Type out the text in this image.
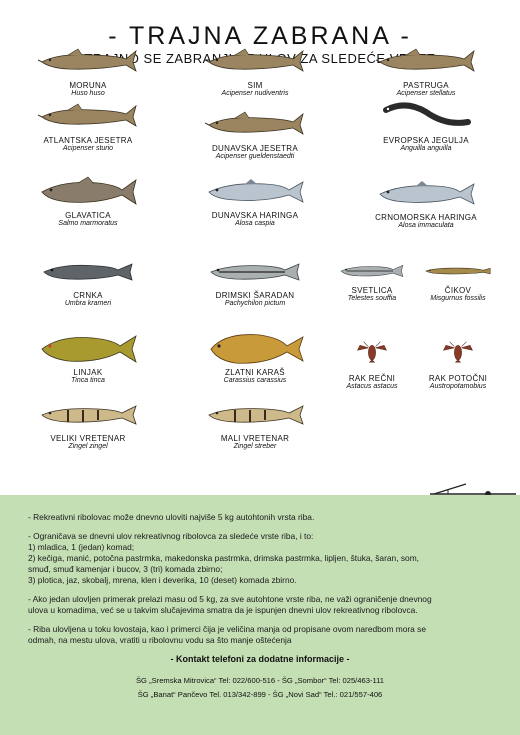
- TRAJNA ZABRANA -
SE ZABRANJUJE ZA SLEDEĆE
MORUNA
Huso huso
SIM
Acipenser nudiventris
PASTRUGA
Acipenser stellatus
ATLANTSKA JESETRA
Acipenser sturio	DUNAVSKA JESETRA
Acipenser gueldenstaedti
EVROPSKA JEGULJA
Anguilla anguilla
GLAVATICA
Salmo marmoratus
DUNAVSKA HARINGA
Alosa caspia
CRNOMORSKA HARINGA
Alosa immaculata
CRNKA
Umbra krameri
DRIMSKI ŠARADAN
Pachychilon pictum
SVETLICA
Telestes souffia
ČIKOV
Misgurnus fossilis
LINJAK
Tinca tinca
ZLATNI KARAŠ
Carassius carassius	RAK REČNI
Astacus astacus
RAK POTOČNI
Austropotamobius
VELIKI VRETENAR
Zingel zingel
MALI VRETENAR
Zingel streber

- Rekreativni ribolovac može dnevno uloviti najviše 5 kg autohtonih vrsta riba.

- Ograničava se dnevni ulov rekreativnog ribolovca za sledeće vrste riba, i to:

1) mladica, 1 (jedan) komad;

2) kečiga, manić, potočna pastrmka, makedonska pastrmka, drimska pastrmka, lipljen, štuka, šaran, som,

smuđ, smuđ kamenjar i bucov, 3 (tri) komada zbirno;

3) plotica, jaz, skobalj, mrena, klen i deverika, 10 (deset) komada zbirno.

- Ako jedan ulovljen primerak prelazi masu od 5 kg, za sve autohtone vrste riba, ne važi ograničenje dnevnog

ulova u komadima, već se u takvim slučajevima smatra da je ispunjen dnevni ulov rekreativnog ribolovca.

- Riba ulovljena u toku lovostaja, kao i primerci čija je veličina manja od propisane ovom naredbom mora se

odmah, na mestu ulova, vratiti u ribolovnu vodu sa što manje oštećenja

- Kontakt telefoni za dodatne informacije -
ŠG „Sremska Mitrovica“ Tel: 022/600-516 - ŠG „Sombor“ Tel: 025/463-111
ŠG „Banat“ Pančevo Tel. 013/342-899 - ŠG „Novi Sad“ Tel.: 021/557-406
